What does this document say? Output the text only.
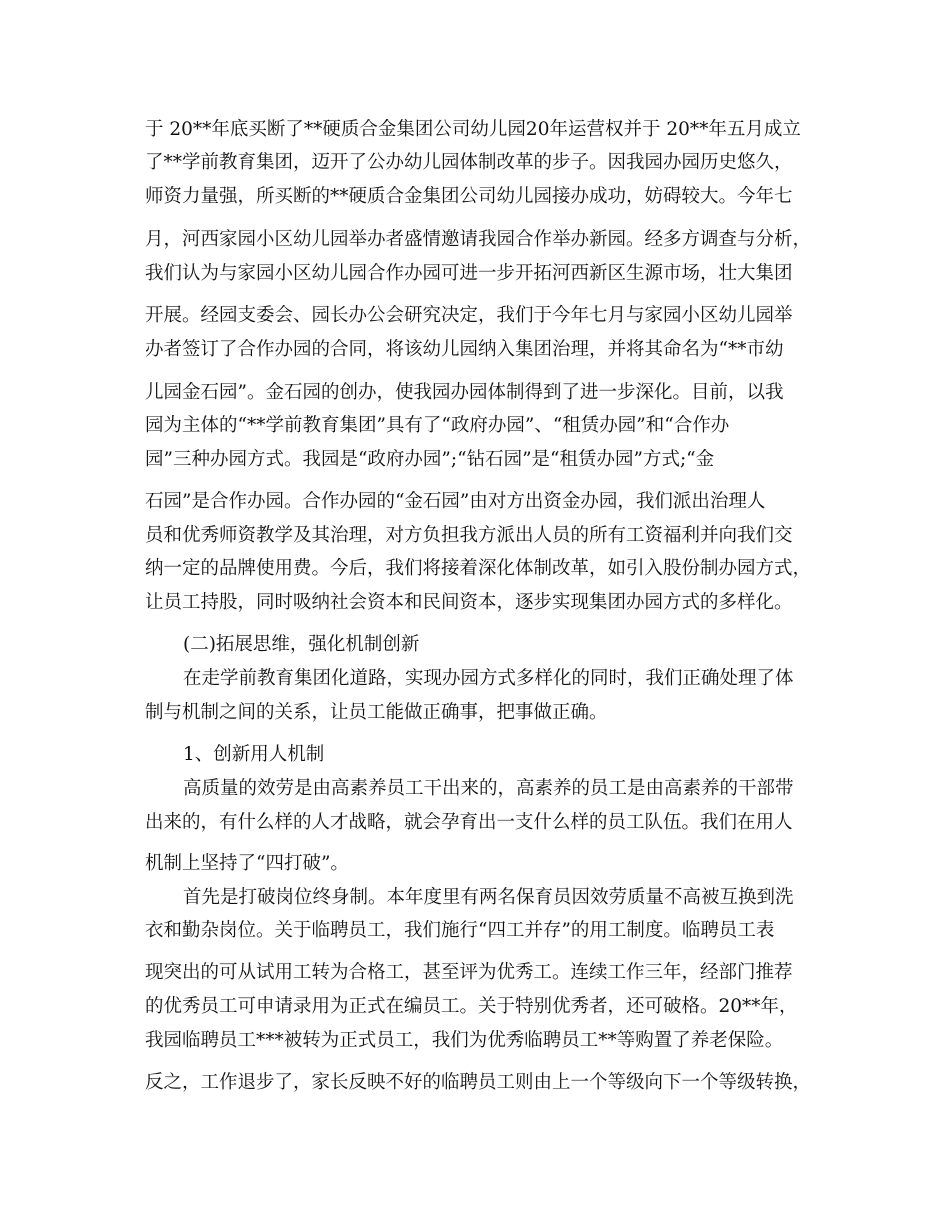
于 20**年底买断了**硬质合金集团公司幼儿园20年运营权并于 20**年五月成立
了**学前教育集团，迈开了公办幼儿园体制改革的步子。因我园办园历史悠久，
师资力量强，所买断的**硬质合金集团公司幼儿园接办成功，妨碍较大。今年七
月，河西家园小区幼儿园举办者盛情邀请我园合作举办新园。经多方调查与分析，
我们认为与家园小区幼儿园合作办园可进一步开拓河西新区生源市场，壮大集团
开展。经园支委会、园长办公会研究决定，我们于今年七月与家园小区幼儿园举
办者签订了合作办园的合同，将该幼儿园纳入集团治理，并将其命名为“**市幼
儿园金石园”。金石园的创办，使我园办园体制得到了进一步深化。目前，以我
园为主体的“**学前教育集团”具有了“政府办园”、“租赁办园”和“合作办
园”三种办园方式。我园是“政府办园”;“钻石园”是“租赁办园”方式;“金
石园”是合作办园。合作办园的“金石园”由对方出资金办园，我们派出治理人
员和优秀师资教学及其治理，对方负担我方派出人员的所有工资福利并向我们交
纳一定的品牌使用费。今后，我们将接着深化体制改革，如引入股份制办园方式，
让员工持股，同时吸纳社会资本和民间资本，逐步实现集团办园方式的多样化。
(二)拓展思维，强化机制创新
在走学前教育集团化道路，实现办园方式多样化的同时，我们正确处理了体
制与机制之间的关系，让员工能做正确事，把事做正确。
1、创新用人机制
高质量的效劳是由高素养员工干出来的，高素养的员工是由高素养的干部带
出来的，有什么样的人才战略，就会孕育出一支什么样的员工队伍。我们在用人
机制上坚持了“四打破”。
首先是打破岗位终身制。本年度里有两名保育员因效劳质量不高被互换到洗
衣和勤杂岗位。关于临聘员工，我们施行“四工并存”的用工制度。临聘员工表
现突出的可从试用工转为合格工，甚至评为优秀工。连续工作三年，经部门推荐
的优秀员工可申请录用为正式在编员工。关于特别优秀者，还可破格。20**年，
我园临聘员工***被转为正式员工，我们为优秀临聘员工**等购置了养老保险。
反之，工作退步了，家长反映不好的临聘员工则由上一个等级向下一个等级转换，
